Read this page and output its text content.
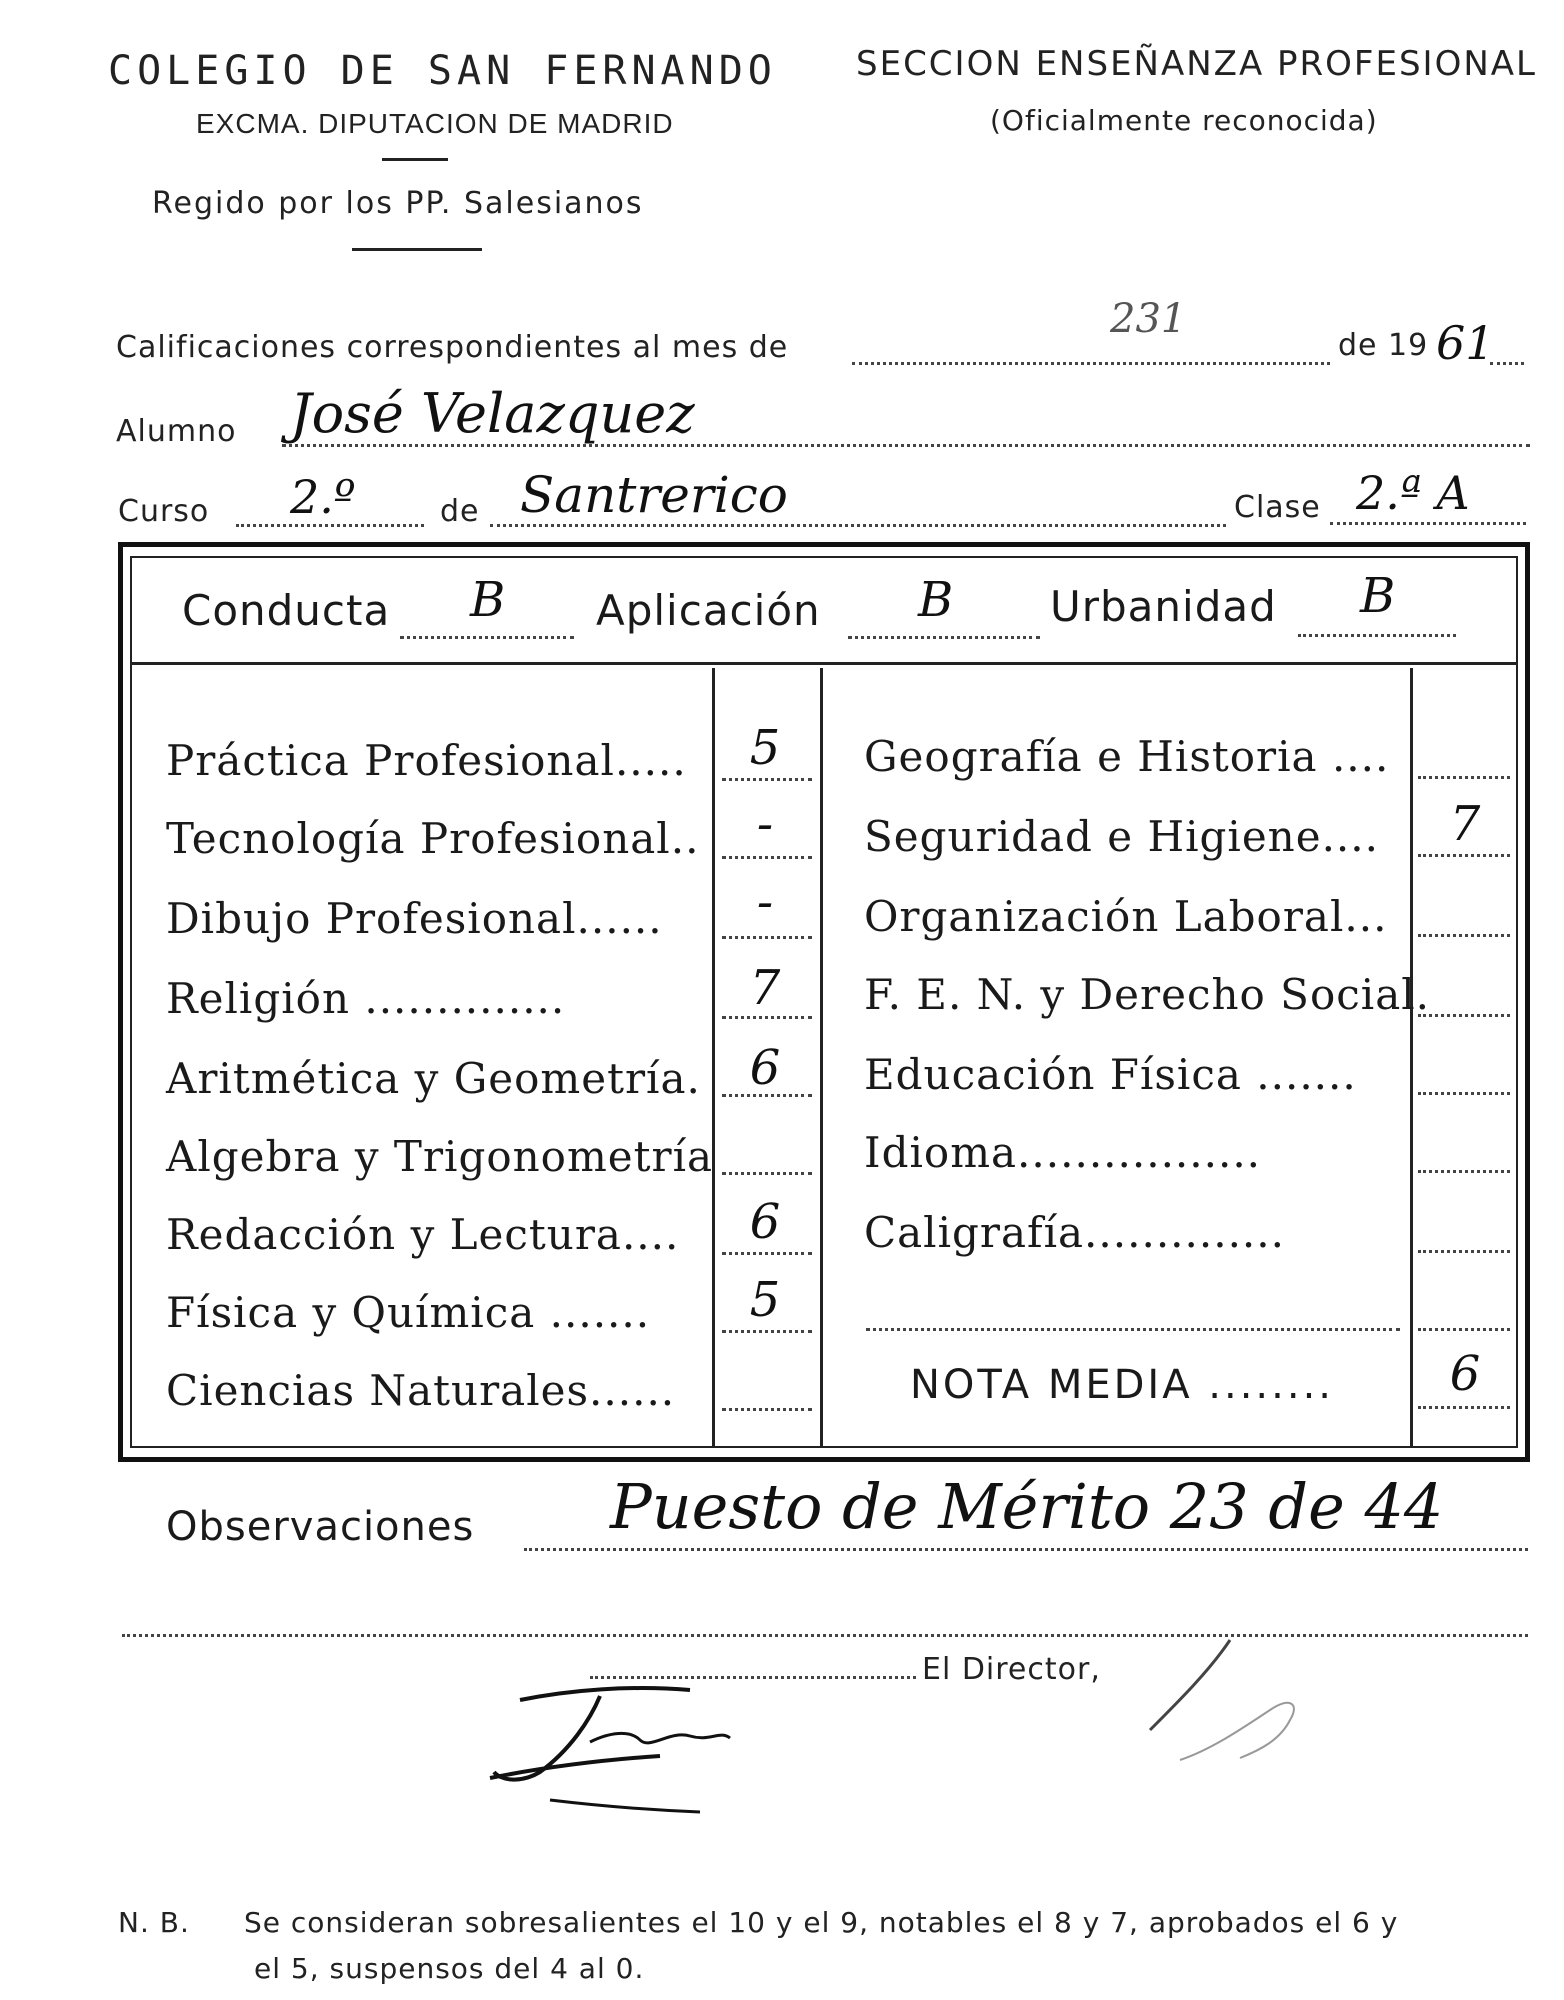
COLEGIO DE SAN FERNANDO
EXCMA. DIPUTACION DE MADRID
Regido por los PP. Salesianos
SECCION ENSEÑANZA PROFESIONAL
(Oficialmente reconocida)
Calificaciones correspondientes al mes de
231
de 19 61
Alumno José Velazquez
Curso 2.º	de Santrerico	Clase 2.ª A
Conducta B Aplicación B Urbanidad B
Práctica Profesional.....
Tecnología Profesional..
Dibujo Profesional......
Religión ..............
Aritmética y Geometría.
Algebra y Trigonometría
Redacción y Lectura....
Física y Química .......
Ciencias Naturales......
5
-
-
7
6
6
5
Geografía e Historia ....
Seguridad e Higiene....
Organización Laboral...
F. E. N. y Derecho Social.
Educación Física .......
Idioma.................
Caligrafía..............
NOTA MEDIA ........
7
6
Observaciones Puesto de Mérito 23 de 44
El Director,
N. B. Se consideran sobresalientes el 10 y el 9, notables el 8 y 7, aprobados el 6 y
el 5, suspensos del 4 al 0.
